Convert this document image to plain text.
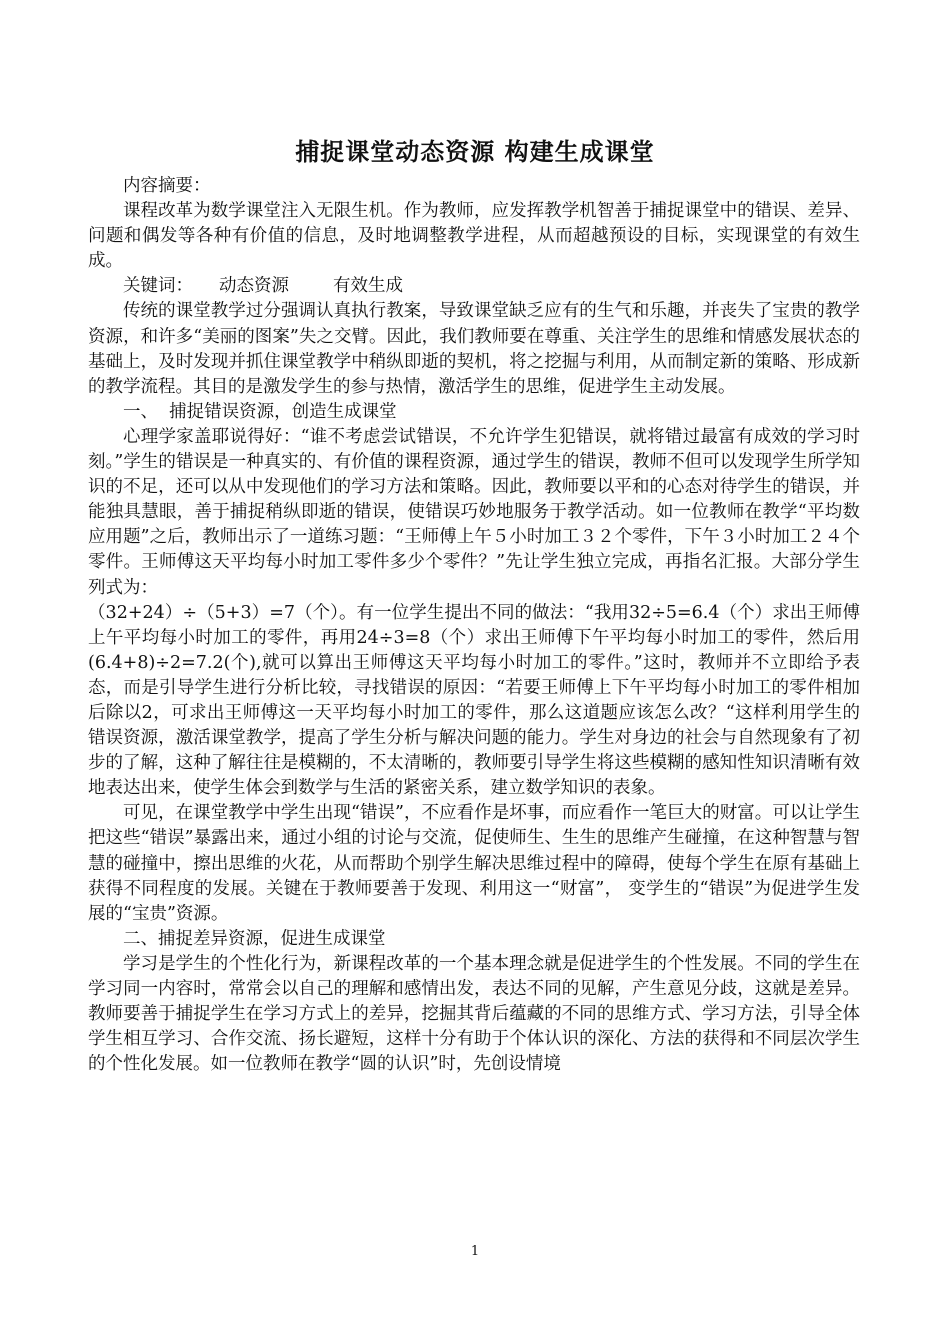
捕捉课堂动态资源 构建生成课堂

内容摘要：

课程改革为数学课堂注入无限生机。作为教师，应发挥教学机智善于捕捉课堂中的错误、差异、问题和偶发等各种有价值的信息，及时地调整教学进程，从而超越预设的目标，实现课堂的有效生成。

关键词： 动态资源	有效生成

传统的课堂教学过分强调认真执行教案，导致课堂缺乏应有的生气和乐趣，并丧失了宝贵的教学资源，和许多“美丽的图案”失之交臂。因此，我们教师要在尊重、关注学生的思维和情感发展状态的基础上，及时发现并抓住课堂教学中稍纵即逝的契机，将之挖掘与利用，从而制定新的策略、形成新的教学流程。其目的是激发学生的参与热情，激活学生的思维，促进学生主动发展。

一、  捕捉错误资源，创造生成课堂

心理学家盖耶说得好：“谁不考虑尝试错误，不允许学生犯错误，就将错过最富有成效的学习时刻。”学生的错误是一种真实的、有价值的课程资源，通过学生的错误，教师不但可以发现学生所学知识的不足，还可以从中发现他们的学习方法和策略。因此，教师要以平和的心态对待学生的错误，并能独具慧眼，善于捕捉稍纵即逝的错误，使错误巧妙地服务于教学活动。如一位教师在教学“平均数应用题”之后，教师出示了一道练习题：“王师傅上午５小时加工３２个零件，下午３小时加工２４个零件。王师傅这天平均每小时加工零件多少个零件？”先让学生独立完成，再指名汇报。大部分学生列式为：

（32+24）÷（5+3）=7（个）。有一位学生提出不同的做法：“我用32÷5=6.4（个）求出王师傅上午平均每小时加工的零件，再用24÷3=8（个）求出王师傅下午平均每小时加工的零件，然后用(6.4+8)÷2=7.2(个),就可以算出王师傅这天平均每小时加工的零件。”这时，教师并不立即给予表态，而是引导学生进行分析比较，寻找错误的原因：“若要王师傅上下午平均每小时加工的零件相加后除以2，可求出王师傅这一天平均每小时加工的零件，那么这道题应该怎么改？“这样利用学生的错误资源，激活课堂教学，提高了学生分析与解决问题的能力。学生对身边的社会与自然现象有了初步的了解，这种了解往往是模糊的，不太清晰的，教师要引导学生将这些模糊的感知性知识清晰有效地表达出来，使学生体会到数学与生活的紧密关系，建立数学知识的表象。

可见，在课堂教学中学生出现“错误”，不应看作是坏事，而应看作一笔巨大的财富。可以让学生把这些“错误”暴露出来，通过小组的讨论与交流，促使师生、生生的思维产生碰撞，在这种智慧与智慧的碰撞中，擦出思维的火花，从而帮助个别学生解决思维过程中的障碍，使每个学生在原有基础上获得不同程度的发展。关键在于教师要善于发现、利用这一“财富”， 变学生的“错误”为促进学生发展的“宝贵”资源。

二、捕捉差异资源，促进生成课堂

学习是学生的个性化行为，新课程改革的一个基本理念就是促进学生的个性发展。不同的学生在学习同一内容时，常常会以自己的理解和感情出发，表达不同的见解，产生意见分歧，这就是差异。教师要善于捕捉学生在学习方式上的差异，挖掘其背后蕴藏的不同的思维方式、学习方法，引导全体学生相互学习、合作交流、扬长避短，这样十分有助于个体认识的深化、方法的获得和不同层次学生的个性化发展。如一位教师在教学“圆的认识”时，先创设情境

1
